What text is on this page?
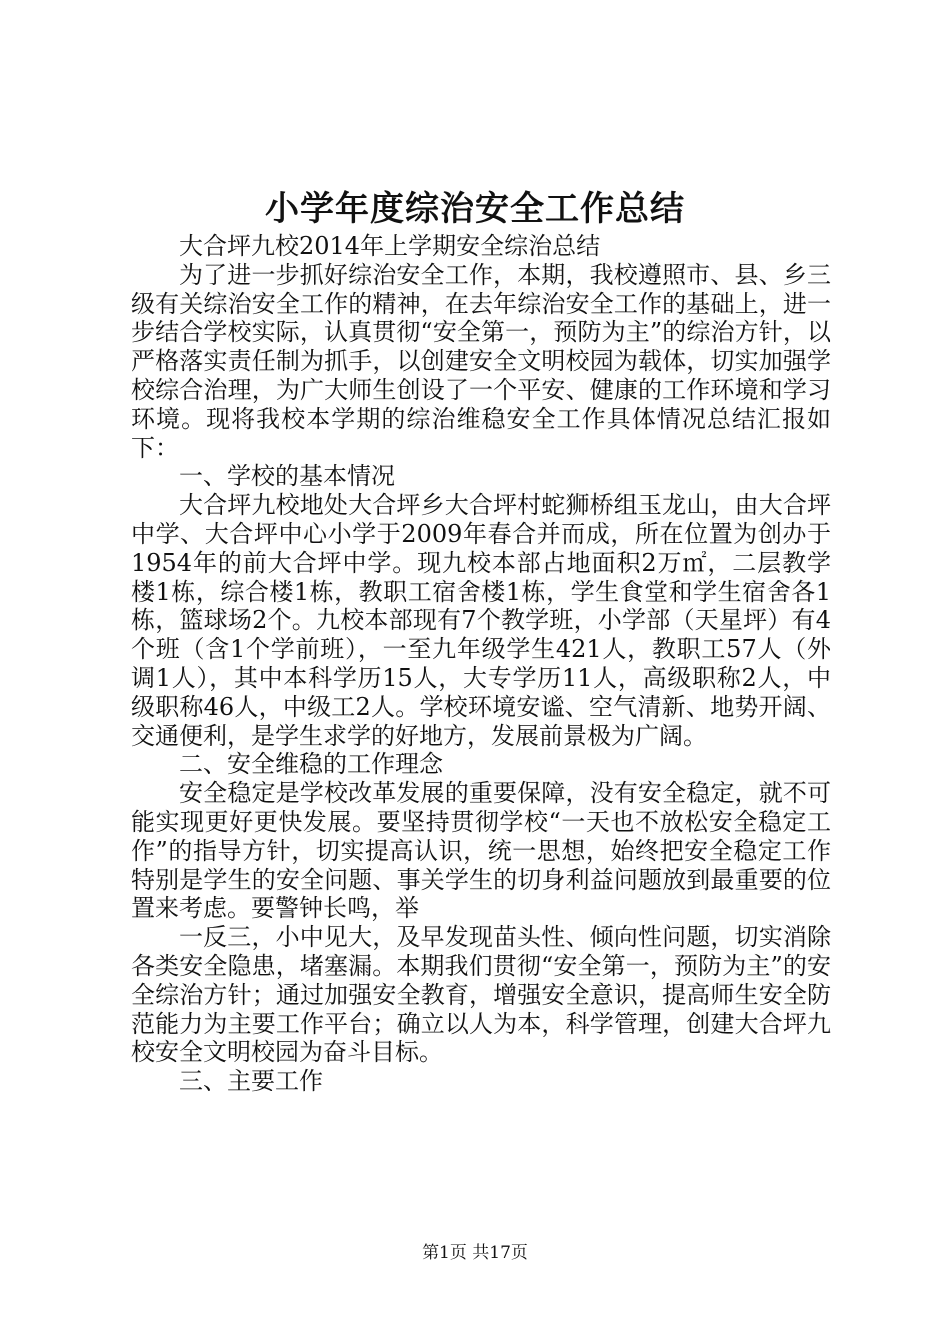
小学年度综治安全工作总结

大合坪九校2014年上学期安全综治总结

为了进一步抓好综治安全工作，本期，我校遵照市、县、乡三级有关综治安全工作的精神，在去年综治安全工作的基础上，进一步结合学校实际，认真贯彻“安全第一，预防为主”的综治方针，以严格落实责任制为抓手，以创建安全文明校园为载体，切实加强学校综合治理，为广大师生创设了一个平安、健康的工作环境和学习环境。现将我校本学期的综治维稳安全工作具体情况总结汇报如下：

一、学校的基本情况

大合坪九校地处大合坪乡大合坪村蛇狮桥组玉龙山，由大合坪中学、大合坪中心小学于2009年春合并而成，所在位置为创办于1954年的前大合坪中学。现九校本部占地面积2万㎡，二层教学楼1栋，综合楼1栋，教职工宿舍楼1栋，学生食堂和学生宿舍各1栋，篮球场2个。九校本部现有7个教学班，小学部（天星坪）有4个班（含1个学前班），一至九年级学生421人，教职工57人（外调1人），其中本科学历15人，大专学历11人，高级职称2人，中级职称46人，中级工2人。学校环境安谧、空气清新、地势开阔、交通便利，是学生求学的好地方，发展前景极为广阔。

二、安全维稳的工作理念

安全稳定是学校改革发展的重要保障，没有安全稳定，就不可能实现更好更快发展。要坚持贯彻学校“一天也不放松安全稳定工作”的指导方针，切实提高认识，统一思想，始终把安全稳定工作特别是学生的安全问题、事关学生的切身利益问题放到最重要的位置来考虑。要警钟长鸣，举

一反三，小中见大，及早发现苗头性、倾向性问题，切实消除各类安全隐患，堵塞漏。本期我们贯彻“安全第一，预防为主”的安全综治方针；通过加强安全教育，增强安全意识，提高师生安全防范能力为主要工作平台；确立以人为本，科学管理，创建大合坪九校安全文明校园为奋斗目标。

三、主要工作

第1页 共17页
